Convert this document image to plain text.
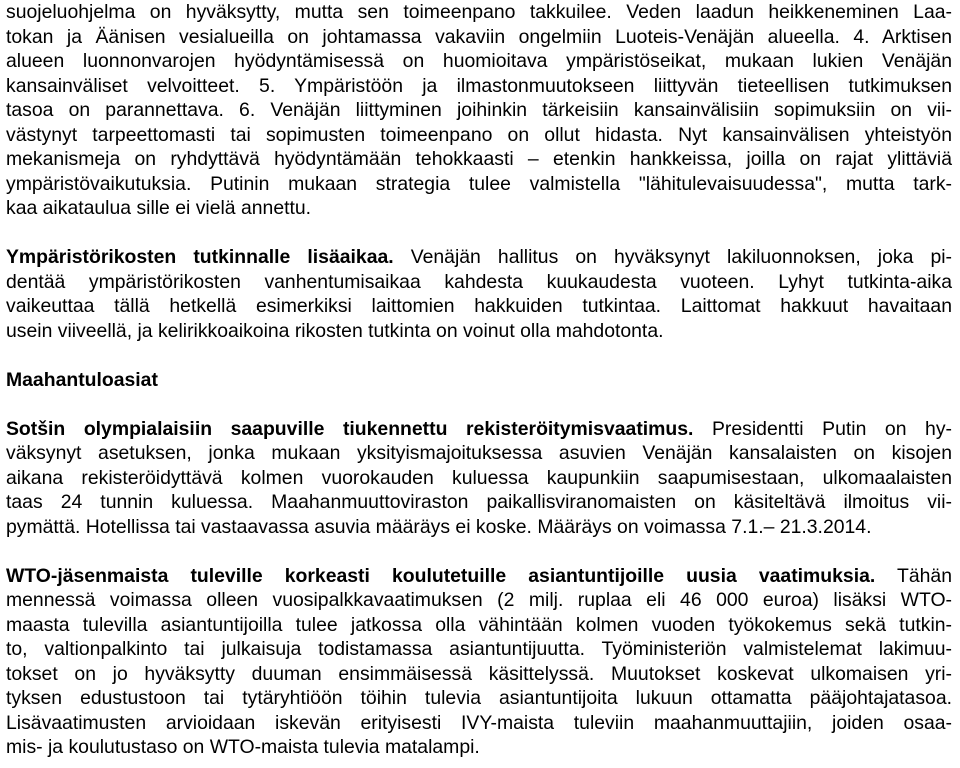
suojeluohjelma on hyväksytty, mutta sen toimeenpano takkuilee. Veden laadun heikkeneminen Laa-
tokan ja Äänisen vesialueilla on johtamassa vakaviin ongelmiin Luoteis-Venäjän alueella. 4. Arktisen
alueen luonnonvarojen hyödyntämisessä on huomioitava ympäristöseikat, mukaan lukien Venäjän
kansainväliset velvoitteet. 5. Ympäristöön ja ilmastonmuutokseen liittyvän tieteellisen tutkimuksen
tasoa on parannettava. 6. Venäjän liittyminen joihinkin tärkeisiin kansainvälisiin sopimuksiin on vii-
västynyt tarpeettomasti tai sopimusten toimeenpano on ollut hidasta. Nyt kansainvälisen yhteistyön
mekanismeja on ryhdyttävä hyödyntämään tehokkaasti – etenkin hankkeissa, joilla on rajat ylittäviä
ympäristövaikutuksia. Putinin mukaan strategia tulee valmistella "lähitulevaisuudessa", mutta tark-
kaa aikataulua sille ei vielä annettu.

Ympäristörikosten tutkinnalle lisäaikaa. Venäjän hallitus on hyväksynyt lakiluonnoksen, joka pi-
dentää ympäristörikosten vanhentumisaikaa kahdesta kuukaudesta vuoteen. Lyhyt tutkinta-aika
vaikeuttaa tällä hetkellä esimerkiksi laittomien hakkuiden tutkintaa. Laittomat hakkuut havaitaan
usein viiveellä, ja kelirikkoaikoina rikosten tutkinta on voinut olla mahdotonta.

Maahantuloasiat

Sotšin olympialaisiin saapuville tiukennettu rekisteröitymisvaatimus. Presidentti Putin on hy-
väksynyt asetuksen, jonka mukaan yksityismajoituksessa asuvien Venäjän kansalaisten on kisojen
aikana rekisteröidyttävä kolmen vuorokauden kuluessa kaupunkiin saapumisestaan, ulkomaalaisten
taas 24 tunnin kuluessa. Maahanmuuttoviraston paikallisviranomaisten on käsiteltävä ilmoitus vii-
pymättä. Hotellissa tai vastaavassa asuvia määräys ei koske. Määräys on voimassa 7.1.– 21.3.2014.

WTO-jäsenmaista tuleville korkeasti koulutetuille asiantuntijoille uusia vaatimuksia. Tähän
mennessä voimassa olleen vuosipalkkavaatimuksen (2 milj. ruplaa eli 46 000 euroa) lisäksi WTO-
maasta tulevilla asiantuntijoilla tulee jatkossa olla vähintään kolmen vuoden työkokemus sekä tutkin-
to, valtionpalkinto tai julkaisuja todistamassa asiantuntijuutta. Työministeriön valmistelemat lakimuu-
tokset on jo hyväksytty duuman ensimmäisessä käsittelyssä. Muutokset koskevat ulkomaisen yri-
tyksen edustustoon tai tytäryhtiöön töihin tulevia asiantuntijoita lukuun ottamatta pääjohtajatasoa.
Lisävaatimusten arvioidaan iskevän erityisesti IVY-maista tuleviin maahanmuuttajiin, joiden osaa-
mis- ja koulutustaso on WTO-maista tulevia matalampi.
